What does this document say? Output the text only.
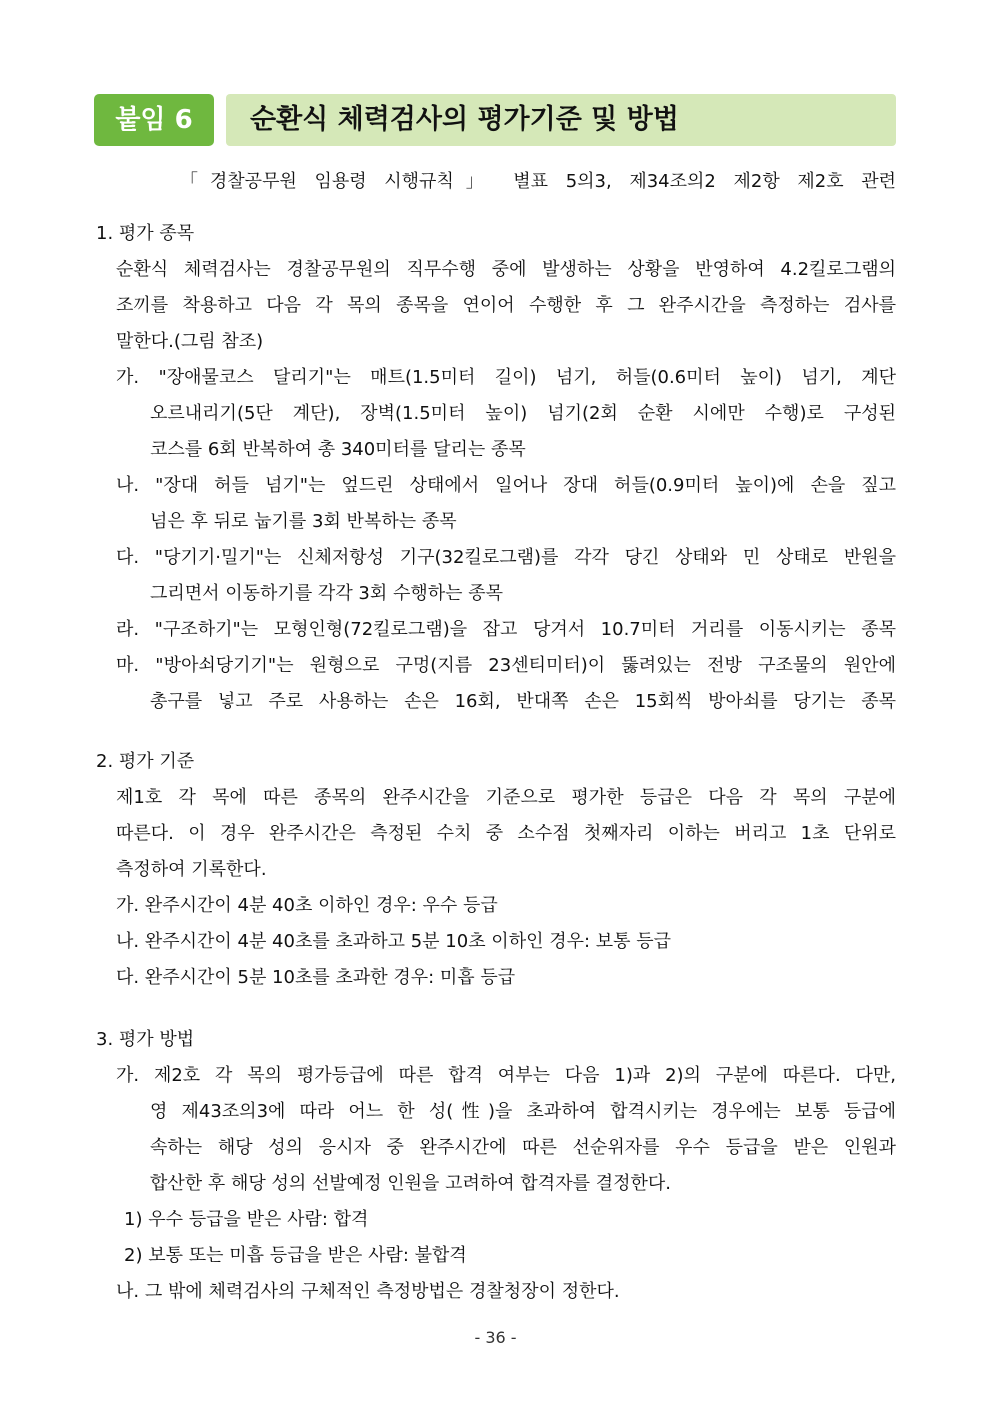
붙임 6	순환식 체력검사의 평가기준 및 방법
「경찰공무원 임용령 시행규칙」 별표 5의3, 제34조의2 제2항 제2호 관련
1. 평가 종목
순환식 체력검사는 경찰공무원의 직무수행 중에 발생하는 상황을 반영하여 4.2킬로그램의
조끼를 착용하고 다음 각 목의 종목을 연이어 수행한 후 그 완주시간을 측정하는 검사를
말한다.(그림 참조)
가. "장애물코스 달리기"는 매트(1.5미터 길이) 넘기, 허들(0.6미터 높이) 넘기, 계단
오르내리기(5단 계단), 장벽(1.5미터 높이) 넘기(2회 순환 시에만 수행)로 구성된
코스를 6회 반복하여 총 340미터를 달리는 종목
나. "장대 허들 넘기"는 엎드린 상태에서 일어나 장대 허들(0.9미터 높이)에 손을 짚고
넘은 후 뒤로 눕기를 3회 반복하는 종목
다. "당기기·밀기"는 신체저항성 기구(32킬로그램)를 각각 당긴 상태와 민 상태로 반원을
그리면서 이동하기를 각각 3회 수행하는 종목
라. "구조하기"는 모형인형(72킬로그램)을 잡고 당겨서 10.7미터 거리를 이동시키는 종목
마. "방아쇠당기기"는 원형으로 구멍(지름 23센티미터)이 뚫려있는 전방 구조물의 원안에
총구를 넣고 주로 사용하는 손은 16회, 반대쪽 손은 15회씩 방아쇠를 당기는 종목
2. 평가 기준
제1호 각 목에 따른 종목의 완주시간을 기준으로 평가한 등급은 다음 각 목의 구분에
따른다. 이 경우 완주시간은 측정된 수치 중 소수점 첫째자리 이하는 버리고 1초 단위로
측정하여 기록한다.
가. 완주시간이 4분 40초 이하인 경우: 우수 등급
나. 완주시간이 4분 40초를 초과하고 5분 10초 이하인 경우: 보통 등급
다. 완주시간이 5분 10초를 초과한 경우: 미흡 등급
3. 평가 방법
가. 제2호 각 목의 평가등급에 따른 합격 여부는 다음 1)과 2)의 구분에 따른다. 다만,
영 제43조의3에 따라 어느 한 성(性)을 초과하여 합격시키는 경우에는 보통 등급에
속하는 해당 성의 응시자 중 완주시간에 따른 선순위자를 우수 등급을 받은 인원과
합산한 후 해당 성의 선발예정 인원을 고려하여 합격자를 결정한다.
1) 우수 등급을 받은 사람: 합격
2) 보통 또는 미흡 등급을 받은 사람: 불합격
나. 그 밖에 체력검사의 구체적인 측정방법은 경찰청장이 정한다.
- 36 -
